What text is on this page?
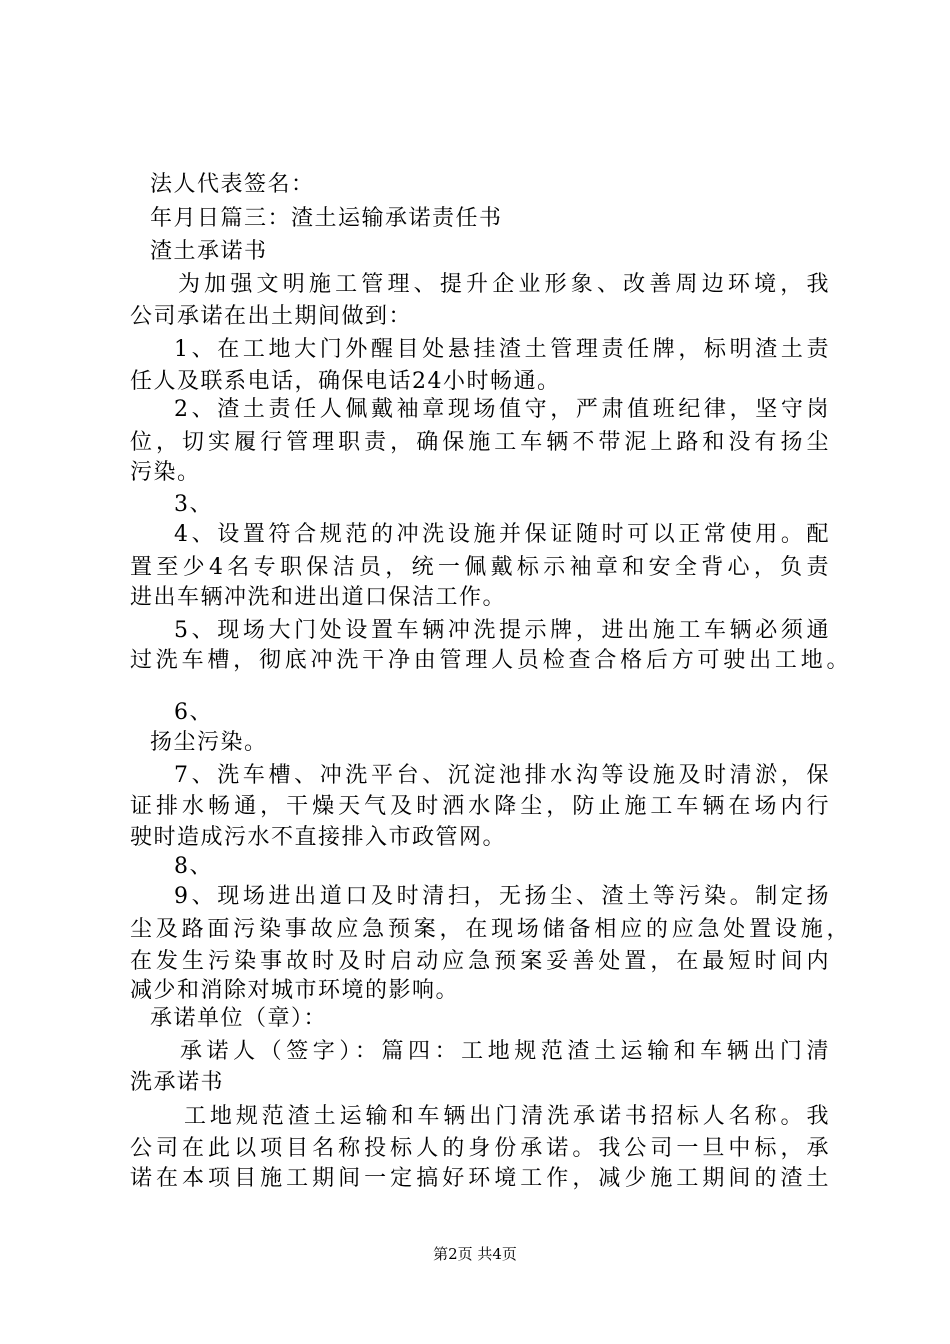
法人代表签名：
年月日篇三：渣土运输承诺责任书
渣土承诺书
为加强文明施工管理、提升企业形象、改善周边环境，我
公司承诺在出土期间做到：
1、在工地大门外醒目处悬挂渣土管理责任牌，标明渣土责
任人及联系电话，确保电话24小时畅通。
2、渣土责任人佩戴袖章现场值守，严肃值班纪律，坚守岗
位，切实履行管理职责，确保施工车辆不带泥上路和没有扬尘
污染。
3、
4、设置符合规范的冲洗设施并保证随时可以正常使用。配
置至少4名专职保洁员，统一佩戴标示袖章和安全背心，负责
进出车辆冲洗和进出道口保洁工作。
5、现场大门处设置车辆冲洗提示牌，进出施工车辆必须通
过洗车槽，彻底冲洗干净由管理人员检查合格后方可驶出工地。
6、
扬尘污染。
7、洗车槽、冲洗平台、沉淀池排水沟等设施及时清淤，保
证排水畅通，干燥天气及时洒水降尘，防止施工车辆在场内行
驶时造成污水不直接排入市政管网。
8、
9、现场进出道口及时清扫，无扬尘、渣土等污染。制定扬
尘及路面污染事故应急预案，在现场储备相应的应急处置设施，
在发生污染事故时及时启动应急预案妥善处置，在最短时间内
减少和消除对城市环境的影响。
承诺单位（章）：
承诺人（签字）：篇四：工地规范渣土运输和车辆出门清
洗承诺书
工地规范渣土运输和车辆出门清洗承诺书招标人名称。我
公司在此以项目名称投标人的身份承诺。我公司一旦中标，承
诺在本项目施工期间一定搞好环境工作，减少施工期间的渣土
第2页 共4页
